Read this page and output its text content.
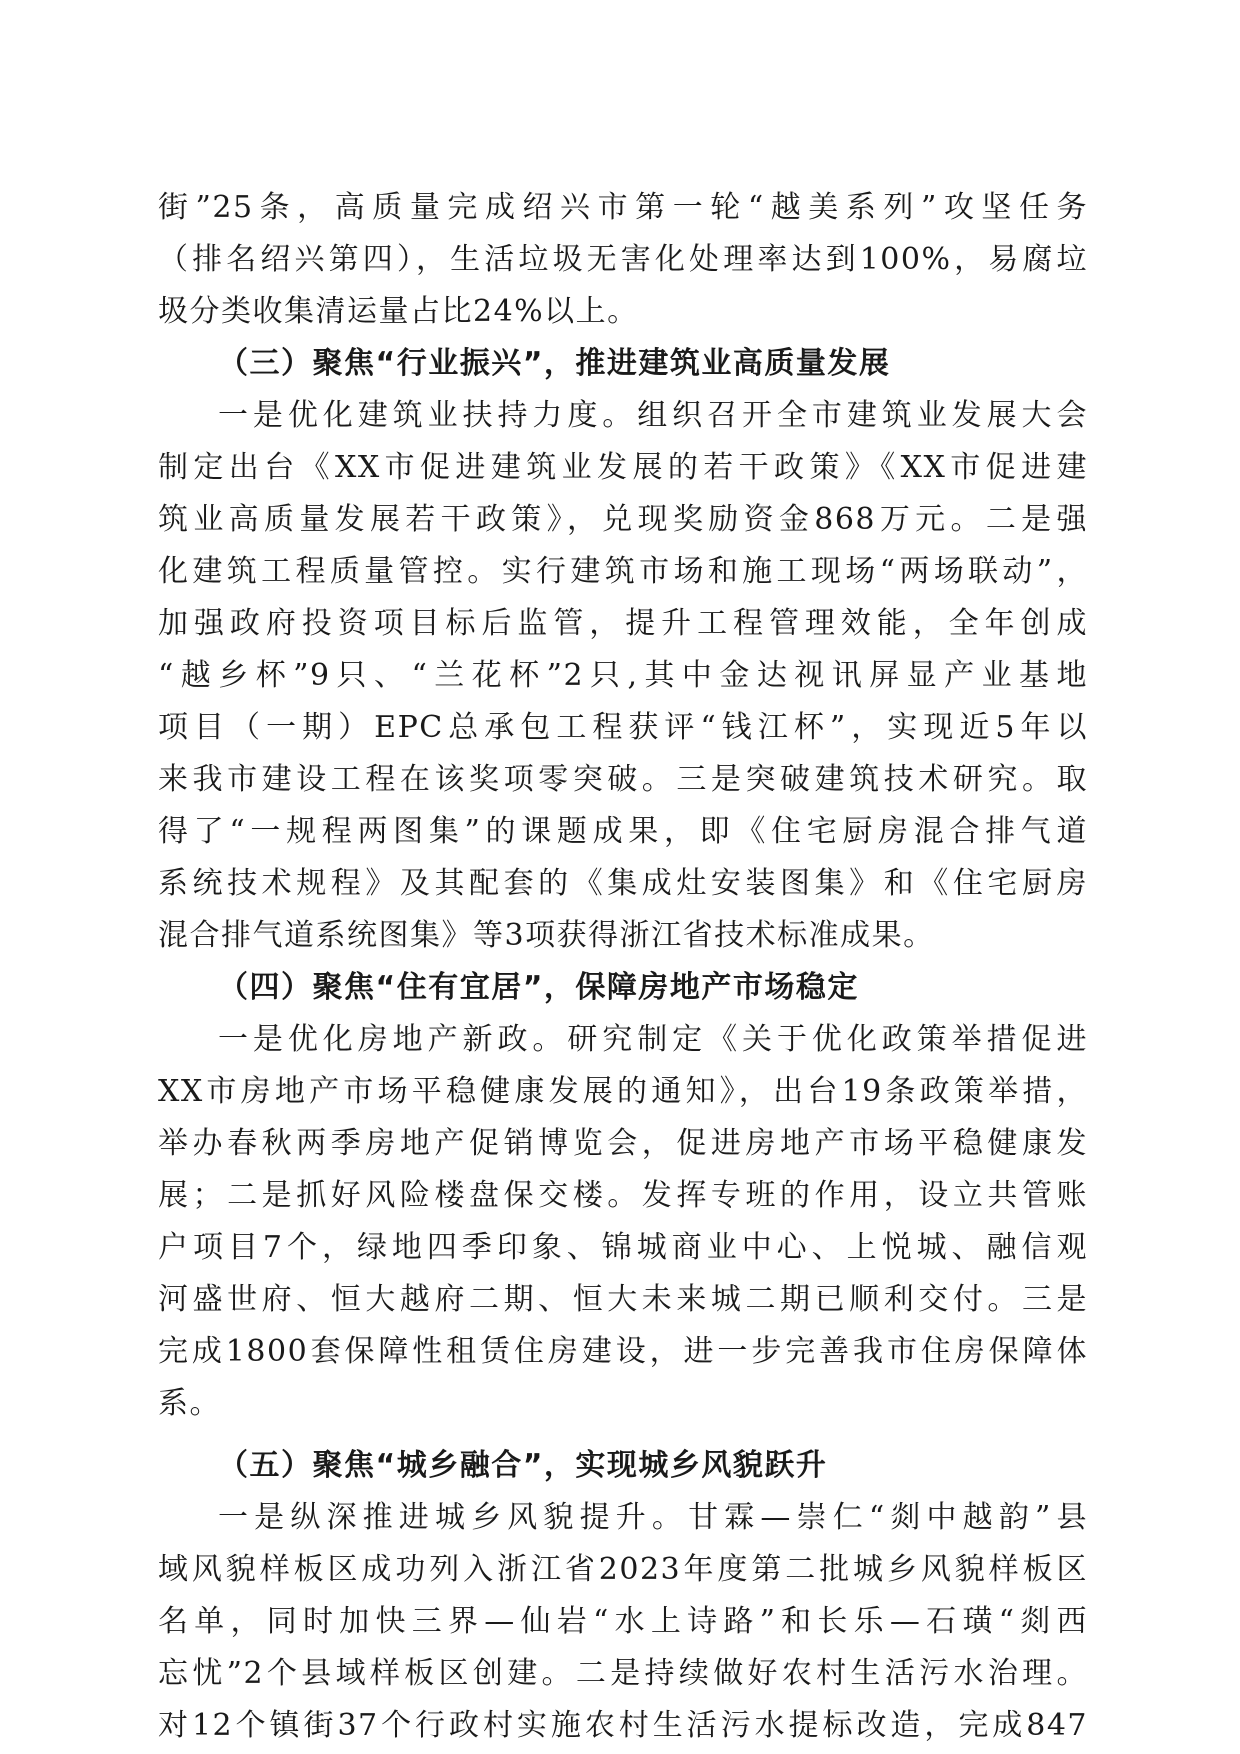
街”25条，高质量完成绍兴市第一轮“越美系列”攻坚任务
（排名绍兴第四），生活垃圾无害化处理率达到100%，易腐垃
圾分类收集清运量占比24%以上。
（三）聚焦“行业振兴”，推进建筑业高质量发展
一是优化建筑业扶持力度。组织召开全市建筑业发展大会
制定出台《XX市促进建筑业发展的若干政策》《XX市促进建
筑业高质量发展若干政策》，兑现奖励资金868万元。二是强
化建筑工程质量管控。实行建筑市场和施工现场“两场联动”，
加强政府投资项目标后监管，提升工程管理效能，全年创成
“越乡杯”9只、“兰花杯”2只,其中金达视讯屏显产业基地
项目（一期）EPC总承包工程获评“钱江杯”，实现近5年以
来我市建设工程在该奖项零突破。三是突破建筑技术研究。取
得了“一规程两图集”的课题成果，即《住宅厨房混合排气道
系统技术规程》及其配套的《集成灶安装图集》和《住宅厨房
混合排气道系统图集》等3项获得浙江省技术标准成果。
（四）聚焦“住有宜居”，保障房地产市场稳定
一是优化房地产新政。研究制定《关于优化政策举措促进
XX市房地产市场平稳健康发展的通知》，出台19条政策举措，
举办春秋两季房地产促销博览会，促进房地产市场平稳健康发
展；二是抓好风险楼盘保交楼。发挥专班的作用，设立共管账
户项目7个，绿地四季印象、锦城商业中心、上悦城、融信观
河盛世府、恒大越府二期、恒大未来城二期已顺利交付。三是
完成1800套保障性租赁住房建设，进一步完善我市住房保障体
系。
（五）聚焦“城乡融合”，实现城乡风貌跃升
一是纵深推进城乡风貌提升。甘霖—崇仁“剡中越韵”县
域风貌样板区成功列入浙江省2023年度第二批城乡风貌样板区
名单，同时加快三界—仙岩“水上诗路”和长乐—石璜“剡西
忘忧”2个县域样板区创建。二是持续做好农村生活污水治理。
对12个镇街37个行政村实施农村生活污水提标改造，完成847
